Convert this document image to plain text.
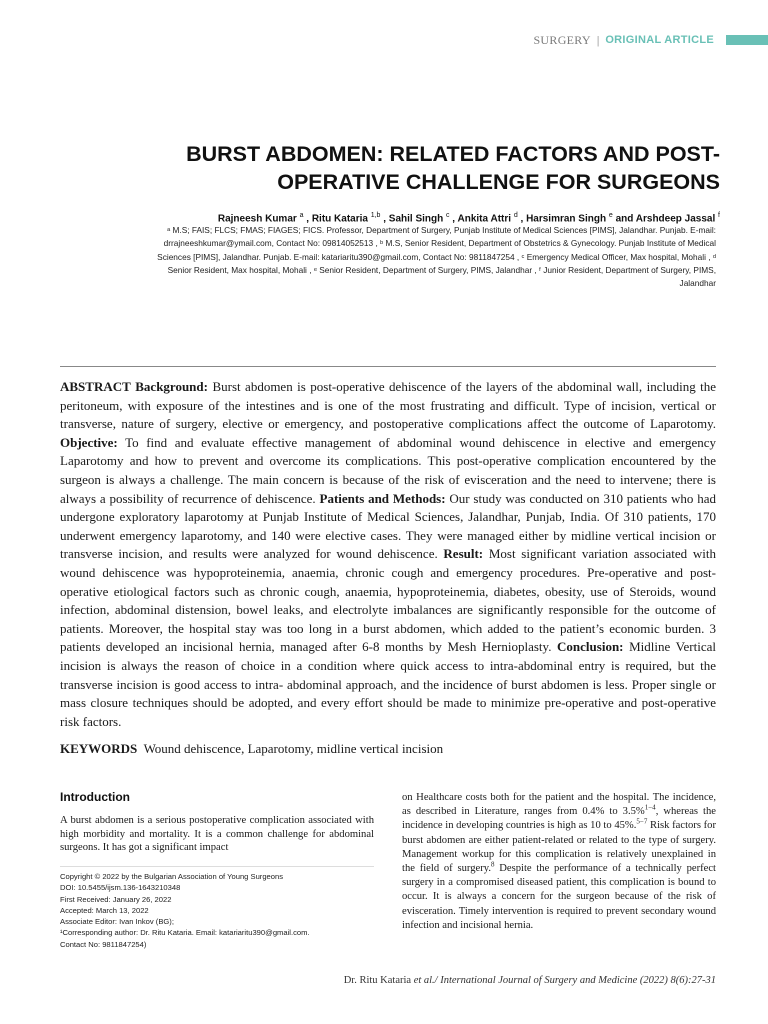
SURGERY | ORIGINAL ARTICLE
BURST ABDOMEN: RELATED FACTORS AND POST-
OPERATIVE CHALLENGE FOR SURGEONS
Rajneesh Kumar $^a$ , Ritu Kataria $^{1,b}$ , Sahil Singh $^c$ , Ankita Attri $^d$ , Harsimran Singh $^e$ and Arshdeep Jassal $^f$
ᵃ M.S; FAIS; FLCS; FMAS; FIAGES; FICS. Professor, Department of Surgery, Punjab Institute of Medical Sciences [PIMS], Jalandhar. Punjab. E-mail:
drrajneeshkumar@ymail.com, Contact No: 09814052513 , ᵇ M.S, Senior Resident, Department of Obstetrics & Gynecology. Punjab Institute of Medical
Sciences [PIMS], Jalandhar. Punjab. E-mail: katariaritu390@gmail.com, Contact No: 9811847254 , ᶜ Emergency Medical Officer, Max hospital, Mohali , ᵈ
Senior Resident, Max hospital, Mohali , ᵉ Senior Resident, Department of Surgery, PIMS, Jalandhar , ᶠ Junior Resident, Department of Surgery, PIMS,
Jalandhar

ABSTRACT Background: Burst abdomen is post-operative dehiscence of the layers of the abdominal wall, including the peritoneum, with exposure of the intestines and is one of the most frustrating and difficult. Type of incision, vertical or transverse, nature of surgery, elective or emergency, and postoperative complications affect the outcome of Laparotomy. Objective: To find and evaluate effective management of abdominal wound dehiscence in elective and emergency Laparotomy and how to prevent and overcome its complications. This post-operative complication encountered by the surgeon is always a challenge. The main concern is because of the risk of evisceration and the need to intervene; there is always a possibility of recurrence of dehiscence. Patients and Methods: Our study was conducted on 310 patients who had undergone exploratory laparotomy at Punjab Institute of Medical Sciences, Jalandhar, Punjab, India. Of 310 patients, 170 underwent emergency laparotomy, and 140 were elective cases. They were managed either by midline vertical incision or transverse incision, and results were analyzed for wound dehiscence. Result: Most significant variation associated with wound dehiscence was hypoproteinemia, anaemia, chronic cough and emergency procedures. Pre-operative and post-operative etiological factors such as chronic cough, anaemia, hypoproteinemia, diabetes, obesity, use of Steroids, wound infection, abdominal distension, bowel leaks, and electrolyte imbalances are significantly responsible for the outcome of patients. Moreover, the hospital stay was too long in a burst abdomen, which added to the patient’s economic burden. 3 patients developed an incisional hernia, managed after 6-8 months by Mesh Hernioplasty. Conclusion: Midline Vertical incision is always the reason of choice in a condition where quick access to intra-abdominal entry is required, but the transverse incision is good access to intra- abdominal approach, and the incidence of burst abdomen is less. Proper single or mass closure techniques should be adopted, and every effort should be made to minimize pre-operative and post-operative risk factors.

KEYWORDS Wound dehiscence, Laparotomy, midline vertical incision

Introduction

A burst abdomen is a serious postoperative complication associated with high morbidity and mortality. It is a common challenge for abdominal surgeons. It has got a significant impact

on Healthcare costs both for the patient and the hospital. The incidence, as described in Literature, ranges from 0.4% to 3.5%$^{1-4}$, whereas the incidence in developing countries is high as 10 to 45%.$^{5-7}$ Risk factors for burst abdomen are either patient-related or related to the type of surgery. Management workup for this complication is relatively unexplained in the field of surgery.$^8$ Despite the performance of a technically perfect surgery in a compromised diseased patient, this complication is bound to occur. It is always a concern for the surgeon because of the risk of evisceration. Timely intervention is required to prevent secondary wound infection and incisional hernia.

Copyright © 2022 by the Bulgarian Association of Young Surgeons
DOI: 10.5455/ijsm.136-1643210348
First Received: January 26, 2022
Accepted: March 13, 2022
Associate Editor: Ivan Inkov (BG);
¹Corresponding author: Dr. Ritu Kataria. Email: katariaritu390@gmail.com.
Contact No: 9811847254)
Dr. Ritu Kataria et al./ International Journal of Surgery and Medicine (2022) 8(6):27-31
